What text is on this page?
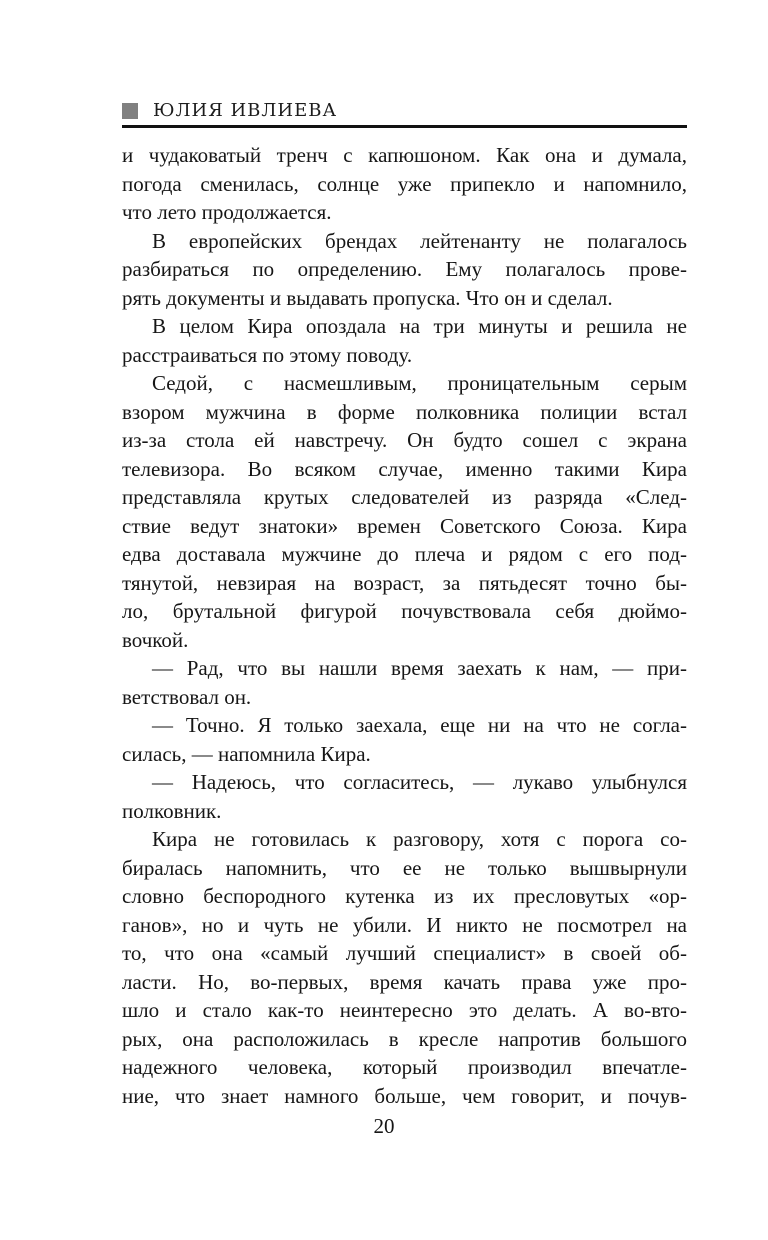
ЮЛИЯ ИВЛИЕВА
и чудаковатый тренч с капюшоном. Как она и думала,
погода сменилась, солнце уже припекло и напомнило,
что лето продолжается.
В европейских брендах лейтенанту не полагалось
разбираться по определению. Ему полагалось прове-
рять документы и выдавать пропуска. Что он и сделал.
В целом Кира опоздала на три минуты и решила не
расстраиваться по этому поводу.
Седой, с насмешливым, проницательным серым
взором мужчина в форме полковника полиции встал
из-за стола ей навстречу. Он будто сошел с экрана
телевизора. Во всяком случае, именно такими Кира
представляла крутых следователей из разряда «След-
ствие ведут знатоки» времен Советского Союза. Кира
едва доставала мужчине до плеча и рядом с его под-
тянутой, невзирая на возраст, за пятьдесят точно бы-
ло, брутальной фигурой почувствовала себя дюймо-
вочкой.
— Рад, что вы нашли время заехать к нам, — при-
ветствовал он.
— Точно. Я только заехала, еще ни на что не согла-
силась, — напомнила Кира.
— Надеюсь, что согласитесь, — лукаво улыбнулся
полковник.
Кира не готовилась к разговору, хотя с порога со-
биралась напомнить, что ее не только вышвырнули
словно беспородного кутенка из их пресловутых «ор-
ганов», но и чуть не убили. И никто не посмотрел на
то, что она «самый лучший специалист» в своей об-
ласти. Но, во-первых, время качать права уже про-
шло и стало как-то неинтересно это делать. А во-вто-
рых, она расположилась в кресле напротив большого
надежного человека, который производил впечатле-
ние, что знает намного больше, чем говорит, и почув-
20
